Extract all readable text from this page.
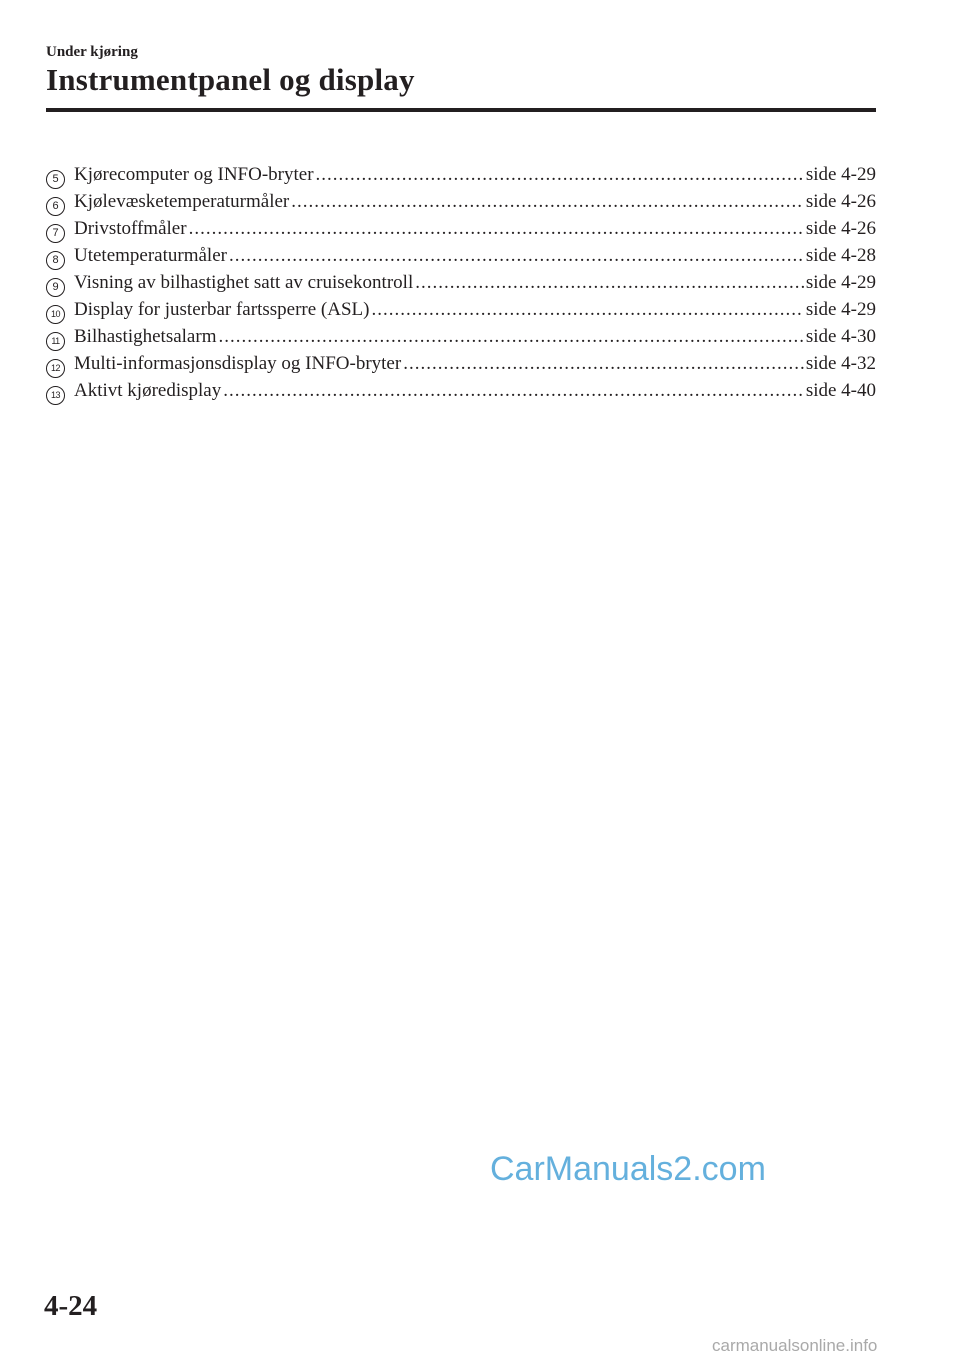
Under kjøring
Instrumentpanel og display
5 Kjørecomputer og INFO-bryter .....	side 4-29
6 Kjølevæsketemperaturmåler .....	side 4-26
7 Drivstoffmåler .....	side 4-26
8 Utetemperaturmåler .....	side 4-28
9 Visning av bilhastighet satt av cruisekontroll .....	side 4-29
10 Display for justerbar fartssperre (ASL) .....	side 4-29
11 Bilhastighetsalarm .....	side 4-30
12 Multi-informasjonsdisplay og INFO-bryter .....	side 4-32
13 Aktivt kjøredisplay .....	side 4-40
CarManuals2.com
4-24
carmanualsonline.info
